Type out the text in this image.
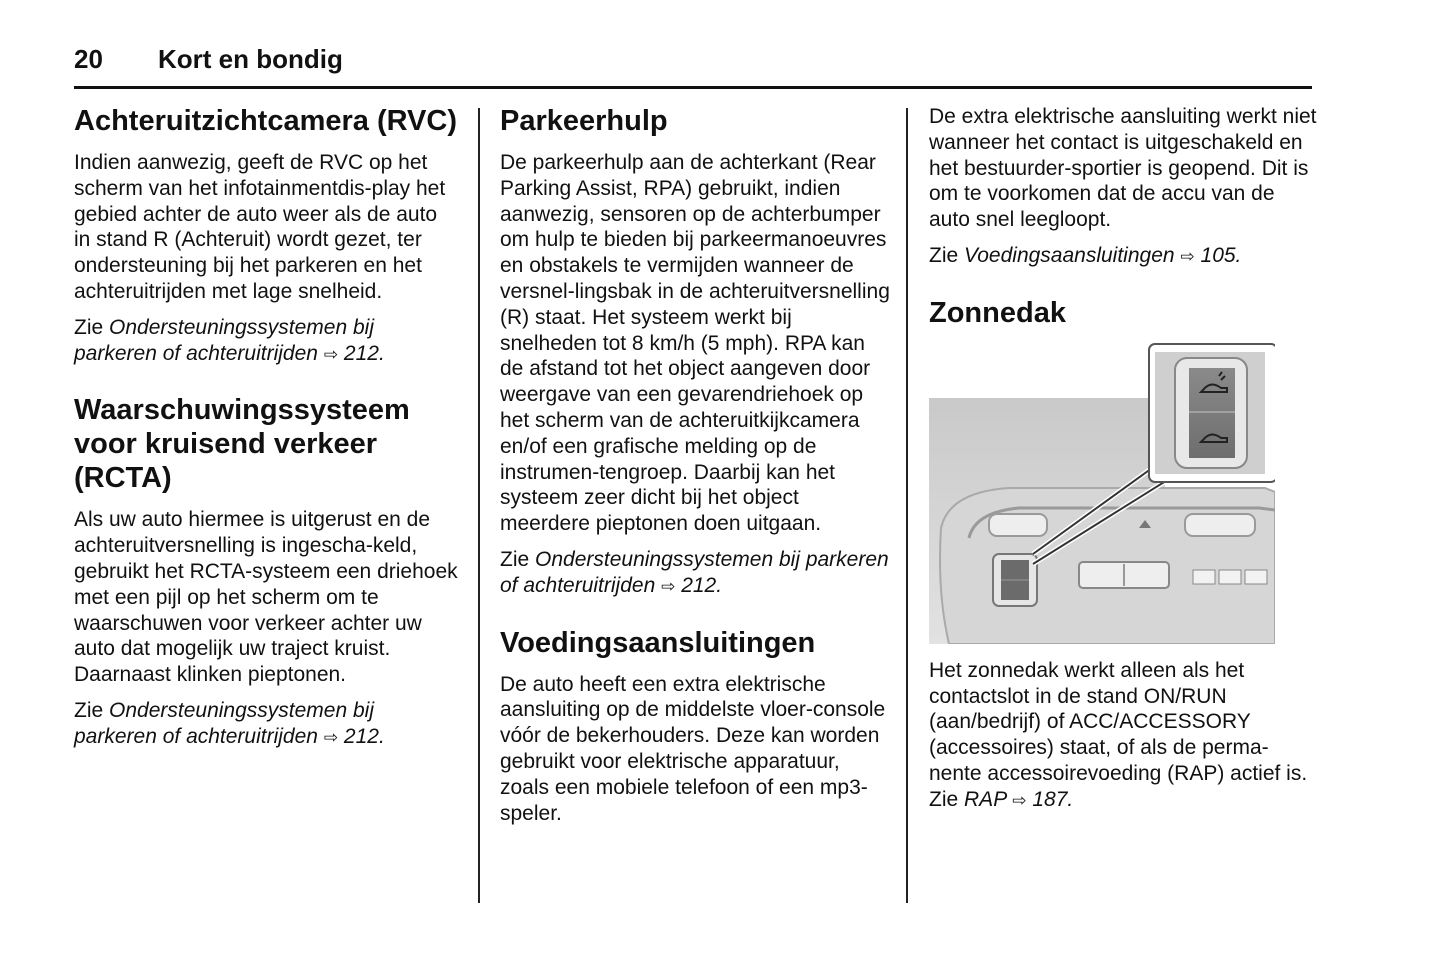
20 Kort en bondig
Achteruitzichtcamera (RVC)

Indien aanwezig, geeft de RVC op het scherm van het infotainmentdis-play het gebied achter de auto weer als de auto in stand R (Achteruit) wordt gezet, ter ondersteuning bij het parkeren en het achteruitrijden met lage snelheid.

Zie Ondersteuningssystemen bij parkeren of achteruitrijden ⇨ 212.

Waarschuwingssysteem voor kruisend verkeer (RCTA)

Als uw auto hiermee is uitgerust en de achteruitversnelling is ingescha-keld, gebruikt het RCTA-systeem een driehoek met een pijl op het scherm om te waarschuwen voor verkeer achter uw auto dat mogelijk uw traject kruist. Daarnaast klinken pieptonen.

Zie Ondersteuningssystemen bij parkeren of achteruitrijden ⇨ 212.

Parkeerhulp

De parkeerhulp aan de achterkant (Rear Parking Assist, RPA) gebruikt, indien aanwezig, sensoren op de achterbumper om hulp te bieden bij parkeermanoeuvres en obstakels te vermijden wanneer de versnel-lingsbak in de achteruitversnelling (R) staat. Het systeem werkt bij snelheden tot 8 km/h (5 mph). RPA kan de afstand tot het object aangeven door weergave van een gevarendriehoek op het scherm van de achteruitkijkcamera en/of een grafische melding op de instrumen-tengroep. Daarbij kan het systeem zeer dicht bij het object meerdere pieptonen doen uitgaan.

Zie Ondersteuningssystemen bij parkeren of achteruitrijden ⇨ 212.

Voedingsaansluitingen

De auto heeft een extra elektrische aansluiting op de middelste vloer-console vóór de bekerhouders. Deze kan worden gebruikt voor elektrische apparatuur, zoals een mobiele telefoon of een mp3-speler.

De extra elektrische aansluiting werkt niet wanneer het contact is uitgeschakeld en het bestuurder-sportier is geopend. Dit is om te voorkomen dat de accu van de auto snel leegloopt.

Zie Voedingsaansluitingen ⇨ 105.

Zonnedak

Het zonnedak werkt alleen als het contactslot in de stand ON/RUN (aan/bedrijf) of ACC/ACCESSORY (accessoires) staat, of als de perma-nente accessoirevoeding (RAP) actief is. Zie RAP ⇨ 187.
